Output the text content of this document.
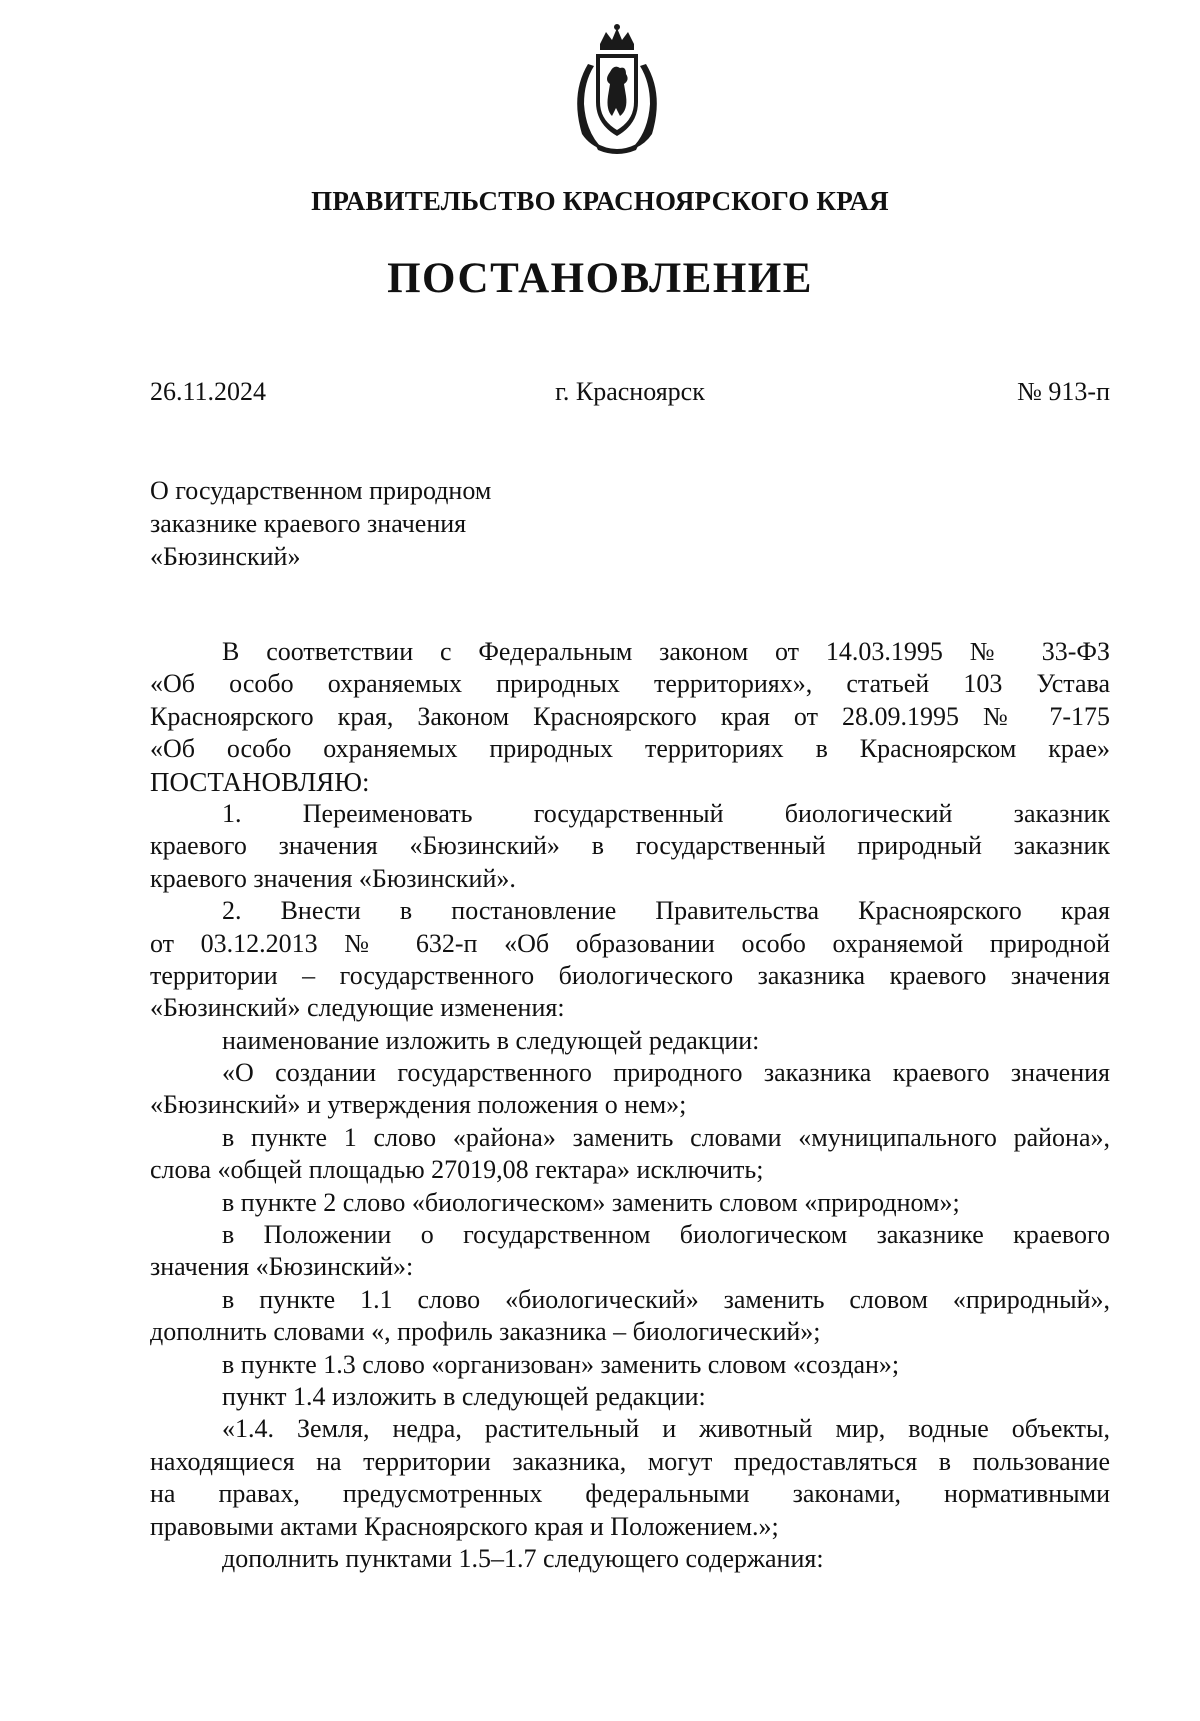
ПРАВИТЕЛЬСТВО КРАСНОЯРСКОГО КРАЯ
ПОСТАНОВЛЕНИЕ
26.11.2024	г. Красноярск	№ 913-п
О государственном природном
заказнике краевого значения
«Бюзинский»
В соответствии с Федеральным законом от 14.03.1995 № 33-ФЗ
«Об особо охраняемых природных территориях», статьей 103 Устава
Красноярского края, Законом Красноярского края от 28.09.1995 № 7-175
«Об особо охраняемых природных территориях в Красноярском крае»
ПОСТАНОВЛЯЮ:
1. Переименовать государственный биологический заказник
краевого значения «Бюзинский» в государственный природный заказник
краевого значения «Бюзинский».
2. Внести в постановление Правительства Красноярского края
от 03.12.2013 № 632-п «Об образовании особо охраняемой природной
территории – государственного биологического заказника краевого значения
«Бюзинский» следующие изменения:
наименование изложить в следующей редакции:
«О создании государственного природного заказника краевого значения
«Бюзинский» и утверждения положения о нем»;
в пункте 1 слово «района» заменить словами «муниципального района»,
слова «общей площадью 27019,08 гектара» исключить;
в пункте 2 слово «биологическом» заменить словом «природном»;
в Положении о государственном биологическом заказнике краевого
значения «Бюзинский»:
в пункте 1.1 слово «биологический» заменить словом «природный»,
дополнить словами «, профиль заказника – биологический»;
в пункте 1.3 слово «организован» заменить словом «создан»;
пункт 1.4 изложить в следующей редакции:
«1.4. Земля, недра, растительный и животный мир, водные объекты,
находящиеся на территории заказника, могут предоставляться в пользование
на правах, предусмотренных федеральными законами, нормативными
правовыми актами Красноярского края и Положением.»;
дополнить пунктами 1.5–1.7 следующего содержания:
